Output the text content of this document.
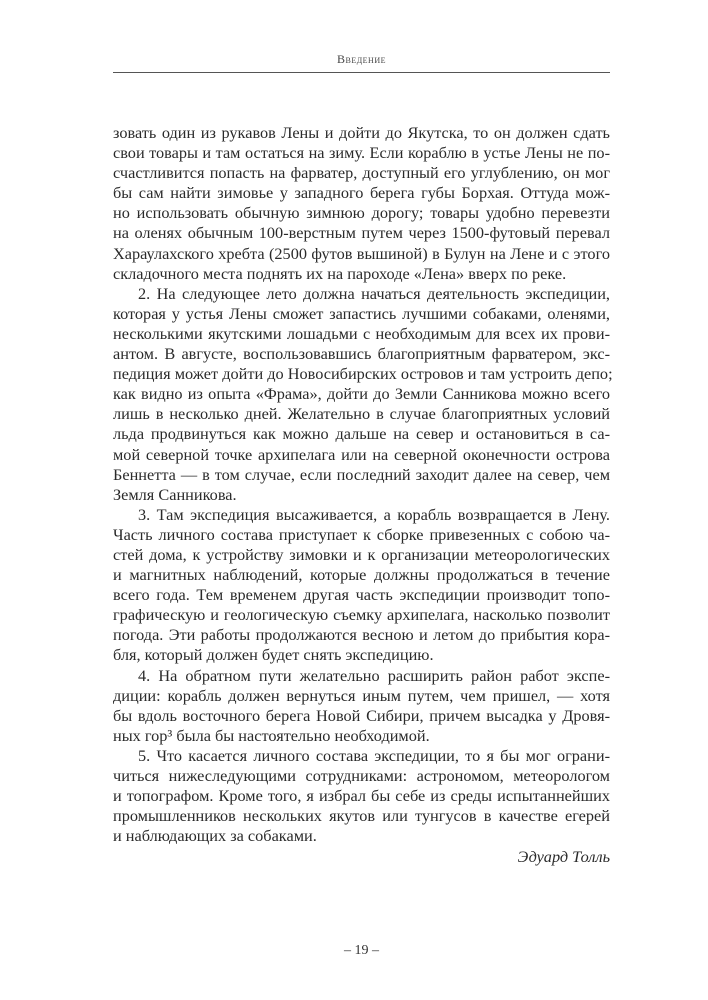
Введение
зовать один из рукавов Лены и дойти до Якутска, то он должен сдать
свои товары и там остаться на зиму. Если кораблю в устье Лены не по-
счастливится попасть на фарватер, доступный его углублению, он мог
бы сам найти зимовье у западного берега губы Борхая. Оттуда мож-
но использовать обычную зимнюю дорогу; товары удобно перевезти
на оленях обычным 100-верстным путем через 1500-футовый перевал
Хараулахского хребта (2500 футов вышиной) в Булун на Лене и с этого
складочного места поднять их на пароходе «Лена» вверх по реке.
2. На следующее лето должна начаться деятельность экспедиции,
которая у устья Лены сможет запастись лучшими собаками, оленями,
несколькими якутскими лошадьми с необходимым для всех их прови-
антом. В августе, воспользовавшись благоприятным фарватером, экс-
педиция может дойти до Новосибирских островов и там устроить депо;
как видно из опыта «Фрама», дойти до Земли Санникова можно всего
лишь в несколько дней. Желательно в случае благоприятных условий
льда продвинуться как можно дальше на север и остановиться в са-
мой северной точке архипелага или на северной оконечности острова
Беннетта — в том случае, если последний заходит далее на север, чем
Земля Санникова.
3. Там экспедиция высаживается, а корабль возвращается в Лену.
Часть личного состава приступает к сборке привезенных с собою ча-
стей дома, к устройству зимовки и к организации метеорологических
и магнитных наблюдений, которые должны продолжаться в течение
всего года. Тем временем другая часть экспедиции производит топо-
графическую и геологическую съемку архипелага, насколько позволит
погода. Эти работы продолжаются весною и летом до прибытия кора-
бля, который должен будет снять экспедицию.
4. На обратном пути желательно расширить район работ экспе-
диции: корабль должен вернуться иным путем, чем пришел, — хотя
бы вдоль восточного берега Новой Сибири, причем высадка у Дровя-
ных гор³ была бы настоятельно необходимой.
5. Что касается личного состава экспедиции, то я бы мог ограни-
читься нижеследующими сотрудниками: астрономом, метеорологом
и топографом. Кроме того, я избрал бы себе из среды испытаннейших
промышленников нескольких якутов или тунгусов в качестве егерей
и наблюдающих за собаками.
Эдуард Толль
– 19 –
